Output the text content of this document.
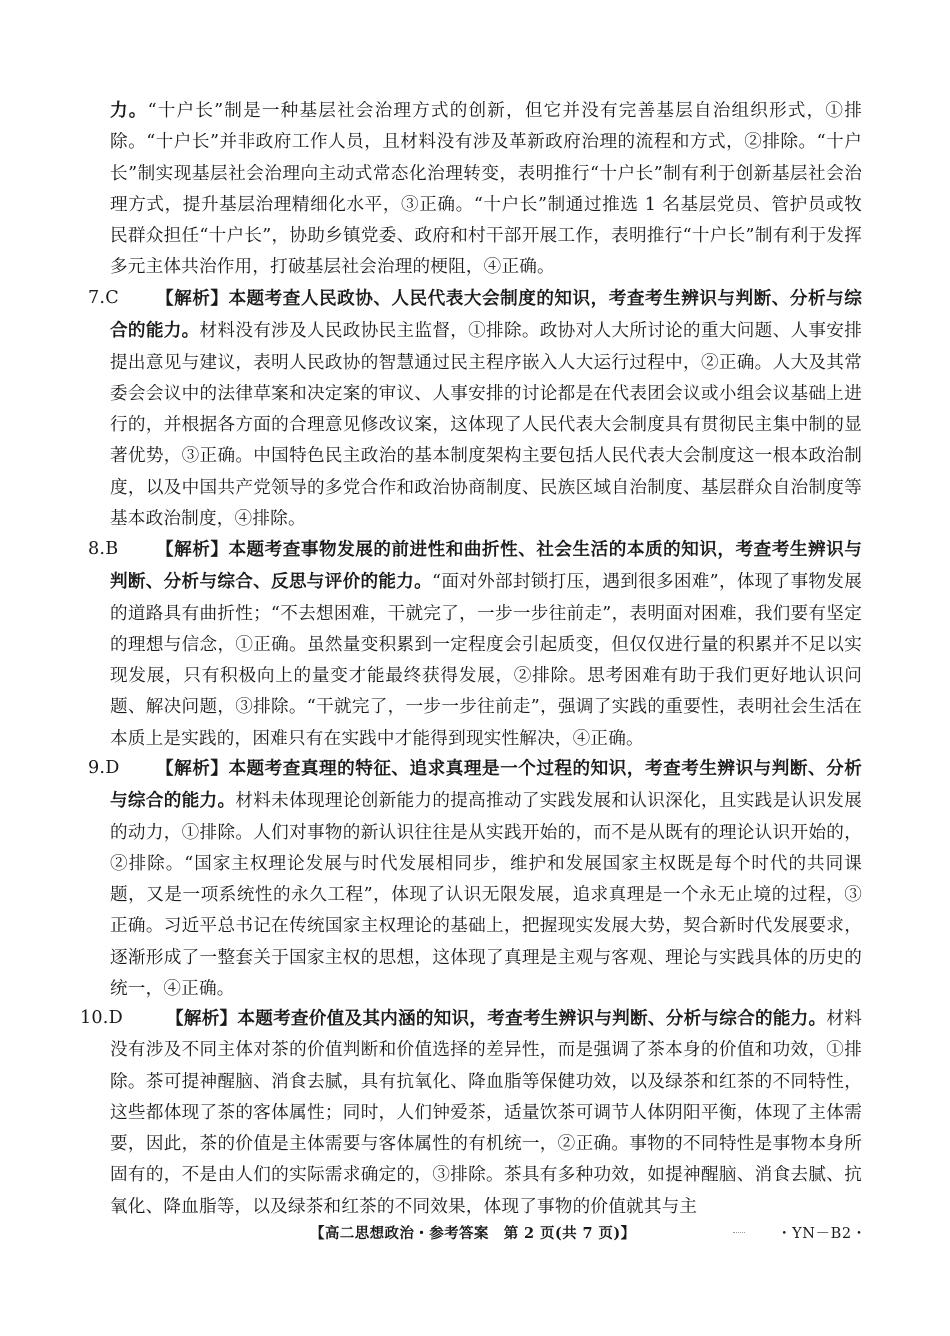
力。“十户长”制是一种基层社会治理方式的创新，但它并没有完善基层自治组织形式，①排除。“十户长”并非政府工作人员，且材料没有涉及革新政府治理的流程和方式，②排除。“十户长”制实现基层社会治理向主动式常态化治理转变，表明推行“十户长”制有利于创新基层社会治理方式，提升基层治理精细化水平，③正确。“十户长”制通过推选 1 名基层党员、管护员或牧民群众担任“十户长”，协助乡镇党委、政府和村干部开展工作，表明推行“十户长”制有利于发挥多元主体共治作用，打破基层社会治理的梗阻，④正确。

7.C	【解析】本题考查人民政协、人民代表大会制度的知识，考查考生辨识与判断、分析与综合的能力。材料没有涉及人民政协民主监督，①排除。政协对人大所讨论的重大问题、人事安排提出意见与建议，表明人民政协的智慧通过民主程序嵌入人大运行过程中，②正确。人大及其常委会会议中的法律草案和决定案的审议、人事安排的讨论都是在代表团会议或小组会议基础上进行的，并根据各方面的合理意见修改议案，这体现了人民代表大会制度具有贯彻民主集中制的显著优势，③正确。中国特色民主政治的基本制度架构主要包括人民代表大会制度这一根本政治制度，以及中国共产党领导的多党合作和政治协商制度、民族区域自治制度、基层群众自治制度等基本政治制度，④排除。
8.B	【解析】本题考查事物发展的前进性和曲折性、社会生活的本质的知识，考查考生辨识与判断、分析与综合、反思与评价的能力。“面对外部封锁打压，遇到很多困难”，体现了事物发展的道路具有曲折性；“不去想困难，干就完了，一步一步往前走”，表明面对困难，我们要有坚定的理想与信念，①正确。虽然量变积累到一定程度会引起质变，但仅仅进行量的积累并不足以实现发展，只有积极向上的量变才能最终获得发展，②排除。思考困难有助于我们更好地认识问题、解决问题，③排除。“干就完了，一步一步往前走”，强调了实践的重要性，表明社会生活在本质上是实践的，困难只有在实践中才能得到现实性解决，④正确。
9.D	【解析】本题考查真理的特征、追求真理是一个过程的知识，考查考生辨识与判断、分析与综合的能力。材料未体现理论创新能力的提高推动了实践发展和认识深化，且实践是认识发展的动力，①排除。人们对事物的新认识往往是从实践开始的，而不是从既有的理论认识开始的，②排除。“国家主权理论发展与时代发展相同步，维护和发展国家主权既是每个时代的共同课题，又是一项系统性的永久工程”，体现了认识无限发展，追求真理是一个永无止境的过程，③正确。习近平总书记在传统国家主权理论的基础上，把握现实发展大势，契合新时代发展要求，逐渐形成了一整套关于国家主权的思想，这体现了真理是主观与客观、理论与实践具体的历史的统一，④正确。
10.D	【解析】本题考查价值及其内涵的知识，考查考生辨识与判断、分析与综合的能力。材料没有涉及不同主体对茶的价值判断和价值选择的差异性，而是强调了茶本身的价值和功效，①排除。茶可提神醒脑、消食去腻，具有抗氧化、降血脂等保健功效，以及绿茶和红茶的不同特性，这些都体现了茶的客体属性；同时，人们钟爱茶，适量饮茶可调节人体阴阳平衡，体现了主体需要，因此，茶的价值是主体需要与客体属性的有机统一，②正确。事物的不同特性是事物本身所固有的，不是由人们的实际需求确定的，③排除。茶具有多种功效，如提神醒脑、消食去腻、抗氧化、降血脂等，以及绿茶和红茶的不同效果，体现了事物的价值就其与主
【高二思想政治・参考答案　第 2 页(共 7 页)】	・YN－B2・
